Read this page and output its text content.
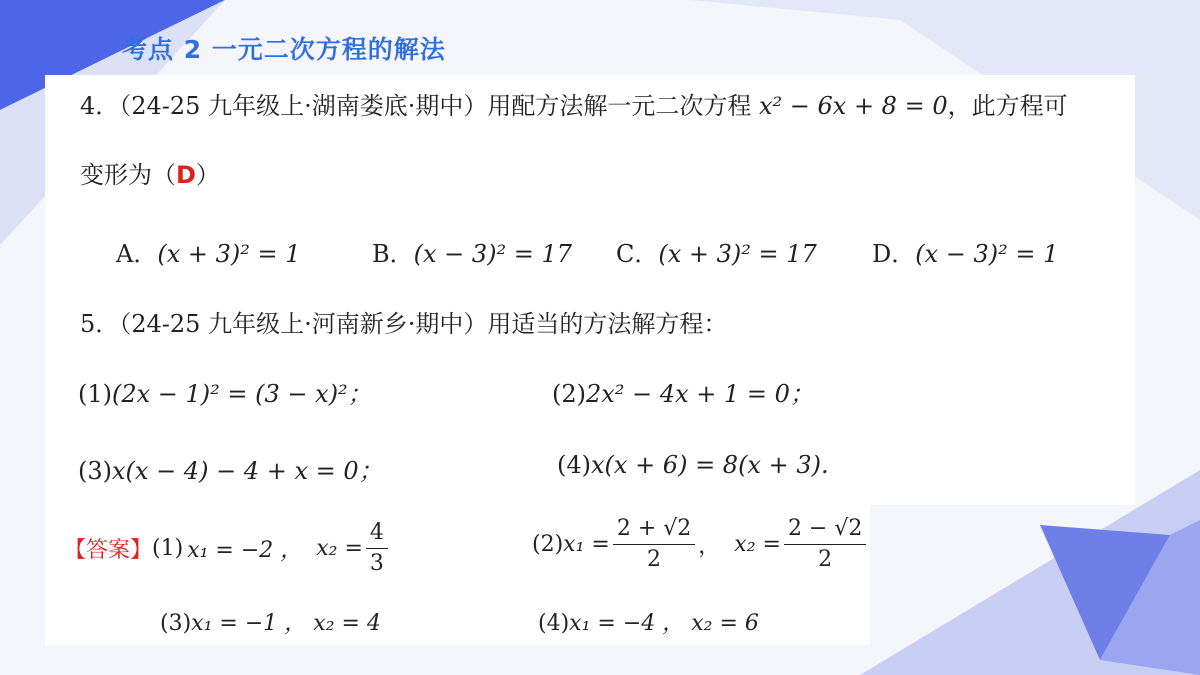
考点 2 一元二次方程的解法
4．（24-25 九年级上·湖南娄底·期中）用配方法解一元二次方程 x² − 6x + 8 = 0，此方程可
变形为（D）
A．(x + 3)² = 1	B．(x − 3)² = 17 C．(x + 3)² = 17 D．(x − 3)² = 1
5．（24-25 九年级上·河南新乡·期中）用适当的方法解方程：
(1)(2x − 1)² = (3 − x)²；	(2)2x² − 4x + 1 = 0；
(3)x(x − 4) − 4 + x = 0；	(4)x(x + 6) = 8(x + 3).
【答案】 (1) x₁ = −2 ， $x_2 = \frac{4}{3}$	(2) $x_1 = \frac{2 + √2}{2}$ ， $x_2 = \frac{2 - √2}{2}$
(3)x₁ = −1 ， x₂ = 4	(4)x₁ = −4 ， x₂ = 6
